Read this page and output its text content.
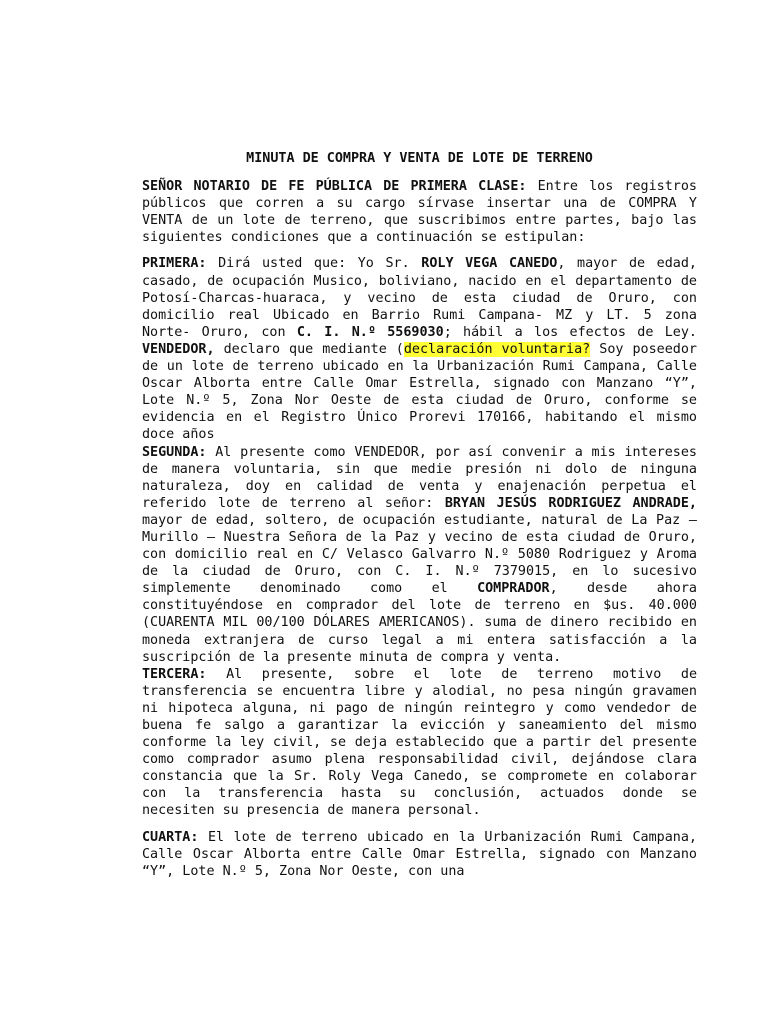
MINUTA DE COMPRA Y VENTA DE LOTE DE TERRENO

SEÑOR NOTARIO DE FE PÚBLICA DE PRIMERA CLASE: Entre los registros públicos que corren a su cargo sírvase insertar una de COMPRA Y VENTA de un lote de terreno, que suscribimos entre partes, bajo las siguientes condiciones que a continuación se estipulan:

PRIMERA: Dirá usted que: Yo Sr. ROLY VEGA CANEDO, mayor de edad, casado, de ocupación Musico, boliviano, nacido en el departamento de Potosí-Charcas-huaraca, y vecino de esta ciudad de Oruro, con domicilio real Ubicado en Barrio Rumi Campana- MZ y LT. 5 zona Norte- Oruro, con C. I. N.º 5569030; hábil a los efectos de Ley. VENDEDOR, declaro que mediante (declaración voluntaria? Soy poseedor de un lote de terreno ubicado en la Urbanización Rumi Campana, Calle Oscar Alborta entre Calle Omar Estrella, signado con Manzano “Y”, Lote N.º 5, Zona Nor Oeste de esta ciudad de Oruro, conforme se evidencia en el Registro Único Prorevi 170166, habitando el mismo doce años

SEGUNDA: Al presente como VENDEDOR, por así convenir a mis intereses de manera voluntaria, sin que medie presión ni dolo de ninguna naturaleza, doy en calidad de venta y enajenación perpetua el referido lote de terreno al señor: BRYAN JESÚS RODRIGUEZ ANDRADE, mayor de edad, soltero, de ocupación estudiante, natural de La Paz – Murillo – Nuestra Señora de la Paz y vecino de esta ciudad de Oruro, con domicilio real en C/ Velasco Galvarro N.º 5080 Rodriguez y Aroma de la ciudad de Oruro, con C. I. N.º 7379015, en lo sucesivo simplemente denominado como el COMPRADOR, desde ahora constituyéndose en comprador del lote de terreno en $us. 40.000 (CUARENTA MIL 00/100 DÓLARES AMERICANOS). suma de dinero recibido en moneda extranjera de curso legal a mi entera satisfacción a la suscripción de la presente minuta de compra y venta.

TERCERA: Al presente, sobre el lote de terreno motivo de transferencia se encuentra libre y alodial, no pesa ningún gravamen ni hipoteca alguna, ni pago de ningún reintegro y como vendedor de buena fe salgo a garantizar la evicción y saneamiento del mismo conforme la ley civil, se deja establecido que a partir del presente como comprador asumo plena responsabilidad civil, dejándose clara constancia que la Sr. Roly Vega Canedo, se compromete en colaborar con la transferencia hasta su conclusión, actuados donde se necesiten su presencia de manera personal.

CUARTA: El lote de terreno ubicado en la Urbanización Rumi Campana, Calle Oscar Alborta entre Calle Omar Estrella, signado con Manzano “Y”, Lote N.º 5, Zona Nor Oeste, con una
